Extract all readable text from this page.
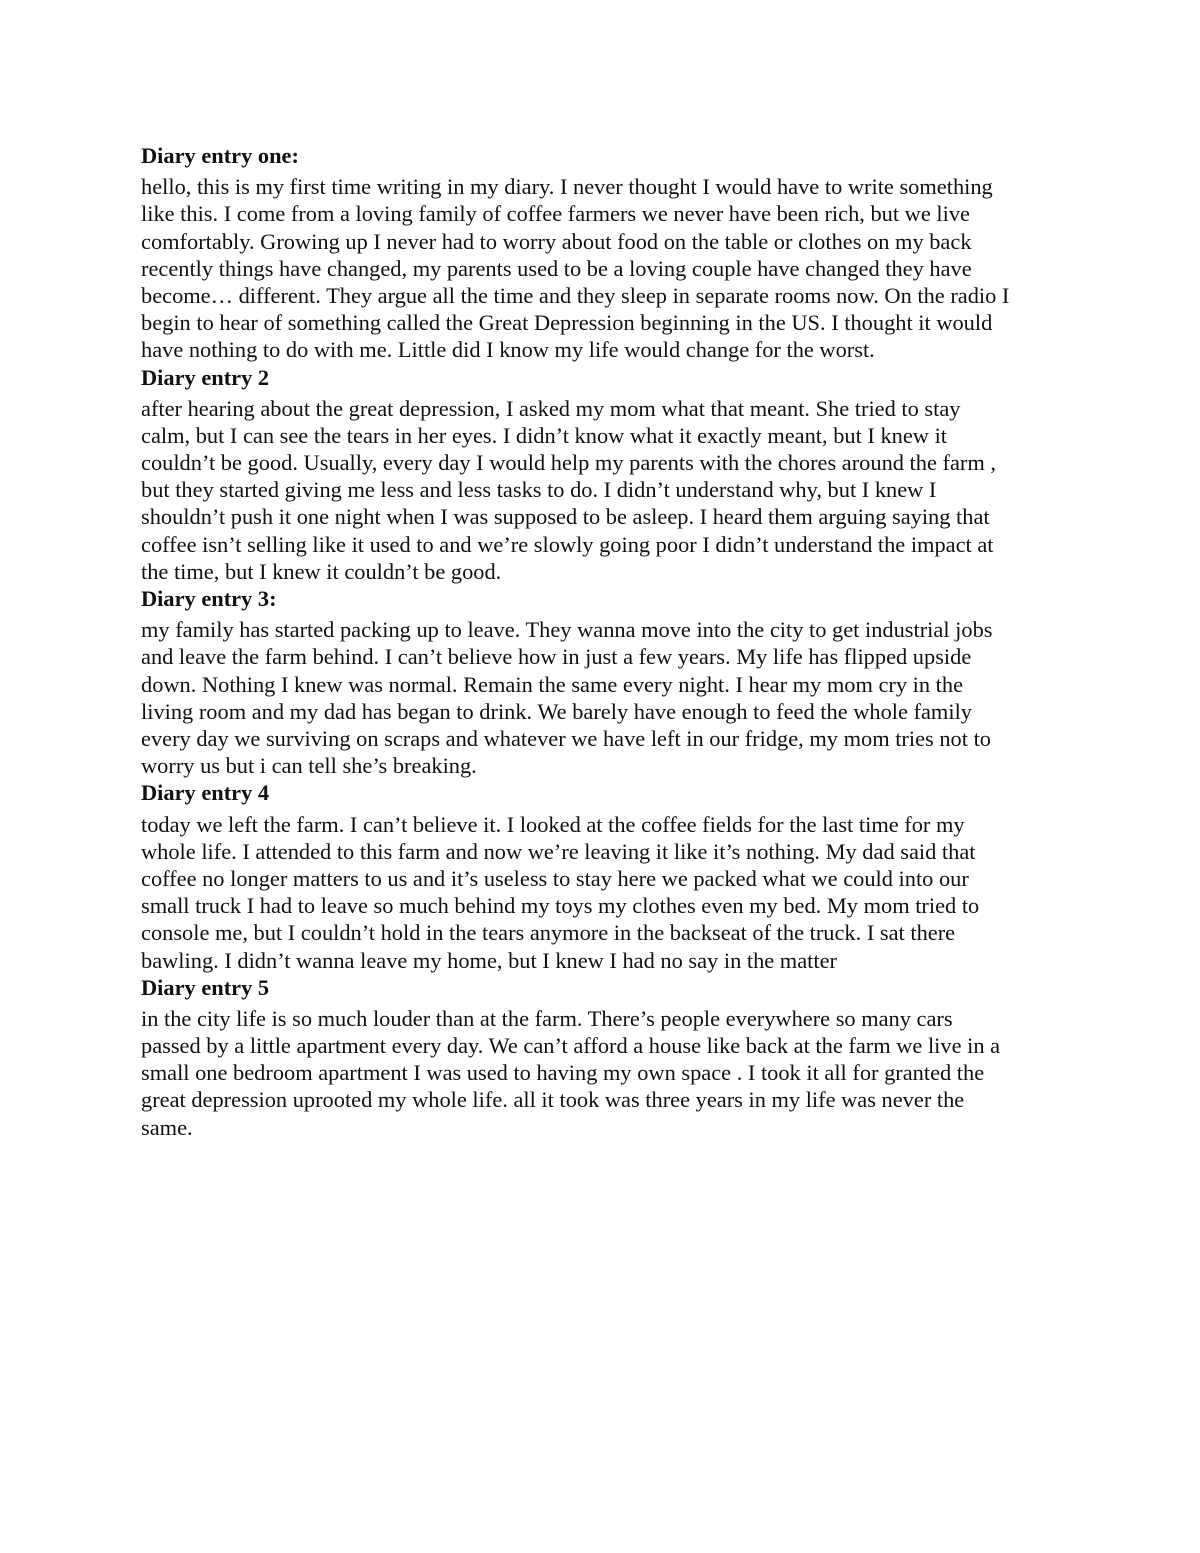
Diary entry one:
hello, this is my first time writing in my diary. I never thought I would have to write something
like this. I come from a loving family of coffee farmers we never have been rich, but we live
comfortably. Growing up I never had to worry about food on the table or clothes on my back
recently things have changed, my parents used to be a loving couple have changed they have
become… different. They argue all the time and they sleep in separate rooms now. On the radio I
begin to hear of something called the Great Depression beginning in the US. I thought it would
have nothing to do with me. Little did I know my life would change for the worst.
Diary entry 2
after hearing about the great depression, I asked my mom what that meant. She tried to stay
calm, but I can see the tears in her eyes. I didn’t know what it exactly meant, but I knew it
couldn’t be good. Usually, every day I would help my parents with the chores around the farm ,
but they started giving me less and less tasks to do. I didn’t understand why, but I knew I
shouldn’t push it one night when I was supposed to be asleep. I heard them arguing saying that
coffee isn’t selling like it used to and we’re slowly going poor I didn’t understand the impact at
the time, but I knew it couldn’t be good.
Diary entry 3:
my family has started packing up to leave. They wanna move into the city to get industrial jobs
and leave the farm behind. I can’t believe how in just a few years. My life has flipped upside
down. Nothing I knew was normal. Remain the same every night. I hear my mom cry in the
living room and my dad has began to drink. We barely have enough to feed the whole family
every day we surviving on scraps and whatever we have left in our fridge, my mom tries not to
worry us but i can tell she’s breaking.
Diary entry 4
today we left the farm. I can’t believe it. I looked at the coffee fields for the last time for my
whole life. I attended to this farm and now we’re leaving it like it’s nothing. My dad said that
coffee no longer matters to us and it’s useless to stay here we packed what we could into our
small truck I had to leave so much behind my toys my clothes even my bed. My mom tried to
console me, but I couldn’t hold in the tears anymore in the backseat of the truck. I sat there
bawling. I didn’t wanna leave my home, but I knew I had no say in the matter
Diary entry 5
in the city life is so much louder than at the farm. There’s people everywhere so many cars
passed by a little apartment every day. We can’t afford a house like back at the farm we live in a
small one bedroom apartment I was used to having my own space . I took it all for granted the
great depression uprooted my whole life. all it took was three years in my life was never the
same.
